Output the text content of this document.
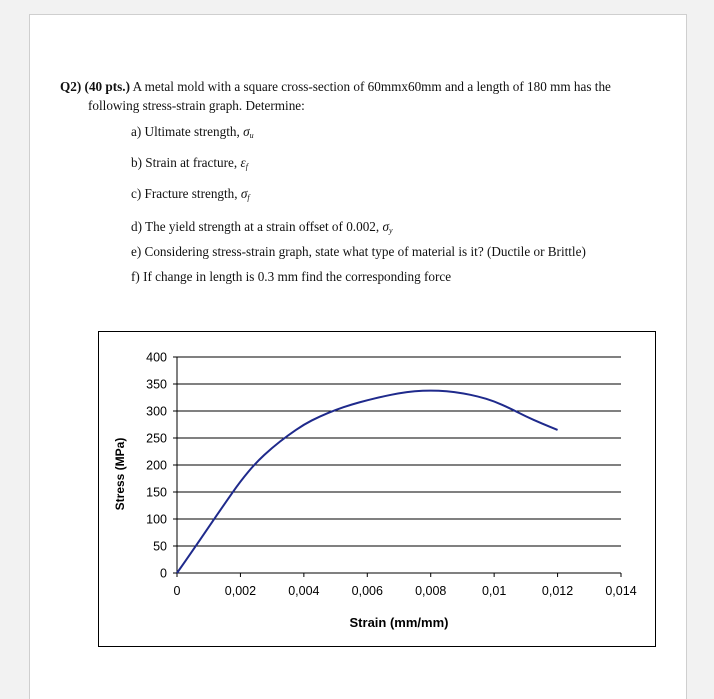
Q2) (40 pts.) A metal mold with a square cross-section of 60mmx60mm and a length of 180 mm has the
following stress-strain graph. Determine:
a) Ultimate strength, $\sigma_u$
b) Strain at fracture, $\varepsilon_f$
c) Fracture strength, $\sigma_f$
d) The yield strength at a strain offset of 0.002, $\sigma_y$
e) Considering stress-strain graph, state what type of material is it? (Ductile or Brittle)
f) If change in length is 0.3 mm find the corresponding force
0
50
100
150
200
250
300
350
400
0	0,002	0,004	0,006	0,008	0,01	0,012	0,014
Strain (mm/mm)
Stress (MPa)
